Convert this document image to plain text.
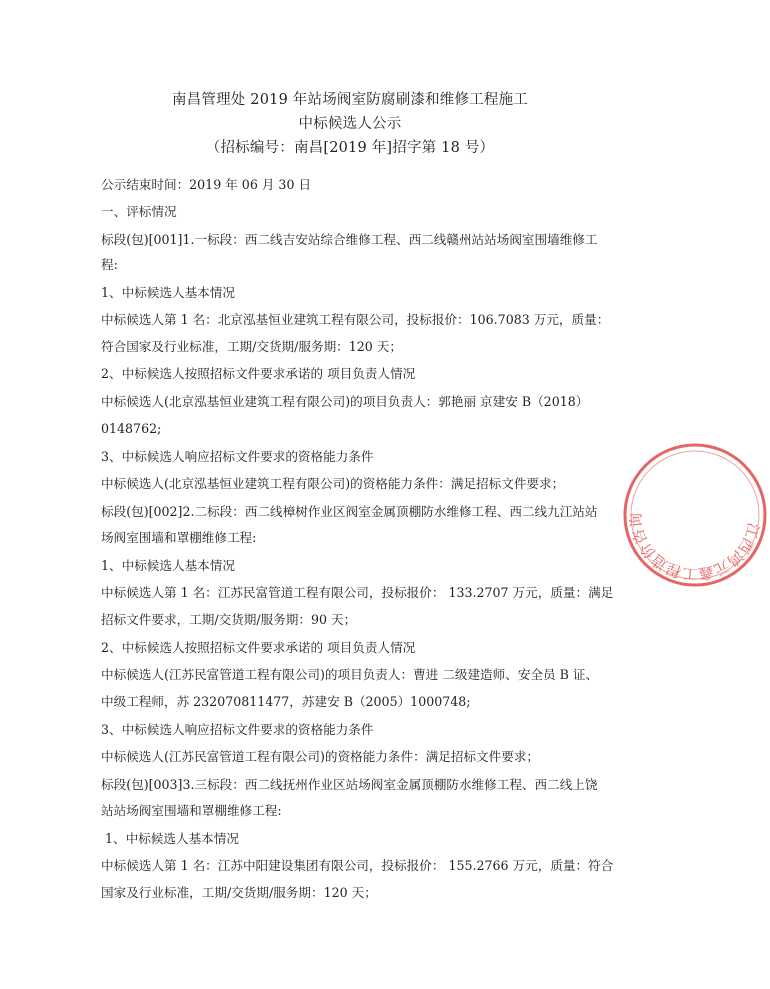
南昌管理处 2019 年站场阀室防腐刷漆和维修工程施工
中标候选人公示
（招标编号：南昌[2019 年]招字第 18 号）
公示结束时间：2019 年 06 月 30 日
一、评标情况
标段(包)[001]1.一标段：西二线吉安站综合维修工程、西二线赣州站站场阀室围墙维修工
程:
1、中标候选人基本情况
中标候选人第 1 名：北京泓基恒业建筑工程有限公司，投标报价：106.7083 万元，质量：
符合国家及行业标准，工期/交货期/服务期：120 天；
2、中标候选人按照招标文件要求承诺的 项目负责人情况
中标候选人(北京泓基恒业建筑工程有限公司)的项目负责人：郭艳丽 京建安 B（2018）
0148762;
3、中标候选人响应招标文件要求的资格能力条件
中标候选人(北京泓基恒业建筑工程有限公司)的资格能力条件：满足招标文件要求；
标段(包)[002]2.二标段：西二线樟树作业区阀室金属顶棚防水维修工程、西二线九江站站
场阀室围墙和罩棚维修工程:
1、中标候选人基本情况
中标候选人第 1 名：江苏民富管道工程有限公司，投标报价： 133.2707 万元，质量：满足
招标文件要求，工期/交货期/服务期：90 天；
2、中标候选人按照招标文件要求承诺的 项目负责人情况
中标候选人(江苏民富管道工程有限公司)的项目负责人：曹进 二级建造师、安全员 B 证、
中级工程师，苏 232070811477，苏建安 B（2005）1000748;
3、中标候选人响应招标文件要求的资格能力条件
中标候选人(江苏民富管道工程有限公司)的资格能力条件：满足招标文件要求；
标段(包)[003]3.三标段：西二线抚州作业区站场阀室金属顶棚防水维修工程、西二线上饶
站站场阀室围墙和罩棚维修工程:
1、中标候选人基本情况
中标候选人第 1 名：江苏中阳建设集团有限公司，投标报价： 155.2766 万元，质量：符合
国家及行业标准，工期/交货期/服务期：120 天；
江西鸿元鑫工程造价咨询
